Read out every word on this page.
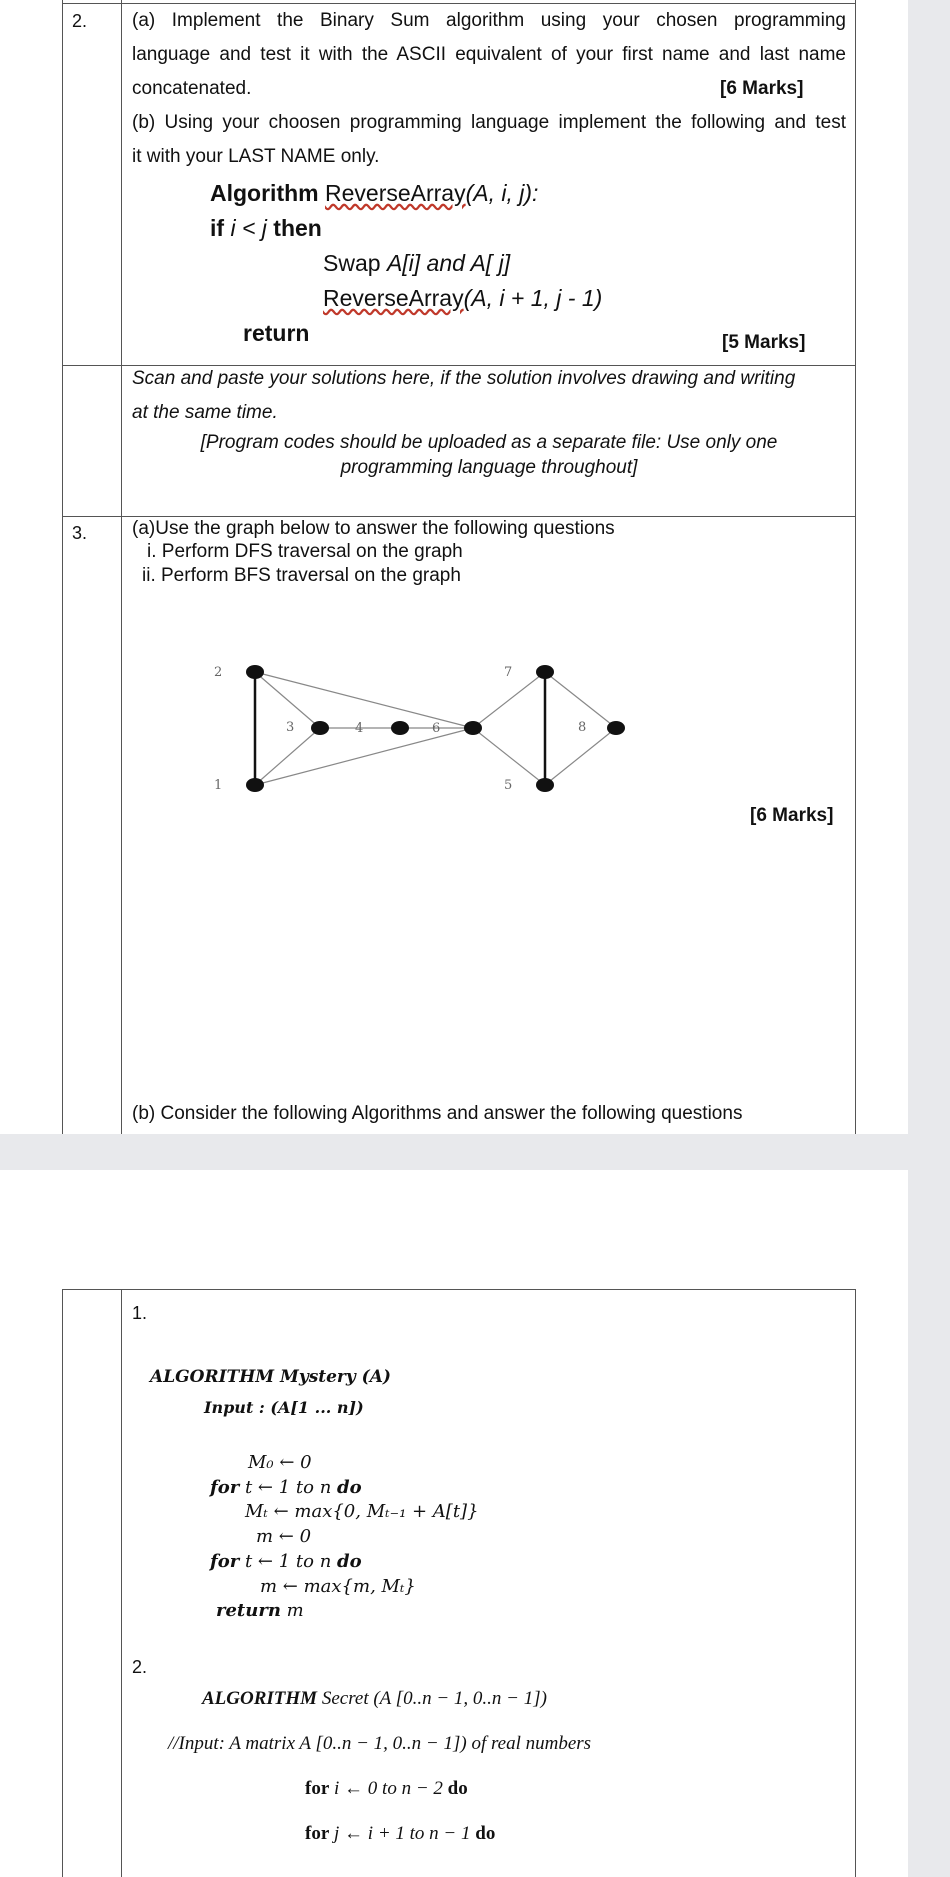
2. (a) Implement the Binary Sum algorithm using your chosen programming
language and test it with the ASCII equivalent of your first name and last name
concatenated.	[6 Marks]
(b) Using your choosen programming language implement the following and test
it with your LAST NAME only.
Algorithm ReverseArray(A, i, j):
if i < j then
Swap A[i] and A[ j]
ReverseArray(A, i + 1, j - 1)
return	[5 Marks]
Scan and paste your solutions here, if the solution involves drawing and writing
at the same time.
[Program codes should be uploaded as a separate file: Use only one
programming language throughout]
3. (a)Use the graph below to answer the following questions
i. Perform DFS traversal on the graph
ii. Perform BFS traversal on the graph
2
1
3	4	6
7
5
8
[6 Marks]
(b) Consider the following Algorithms and answer the following questions
1.
ALGORITHM Mystery (A)
Input : (A[1 ... n])
M₀ ← 0
for t ← 1 to n do
Mₜ ← max{0, Mₜ₋₁ + A[t]}
m ← 0
for t ← 1 to n do
m ← max{m, Mₜ}
return m
2.
ALGORITHM Secret (A [0..n − 1, 0..n − 1])
//Input: A matrix A [0..n − 1, 0..n − 1]) of real numbers
for i ← 0 to n − 2 do
for j ← i + 1 to n − 1 do
